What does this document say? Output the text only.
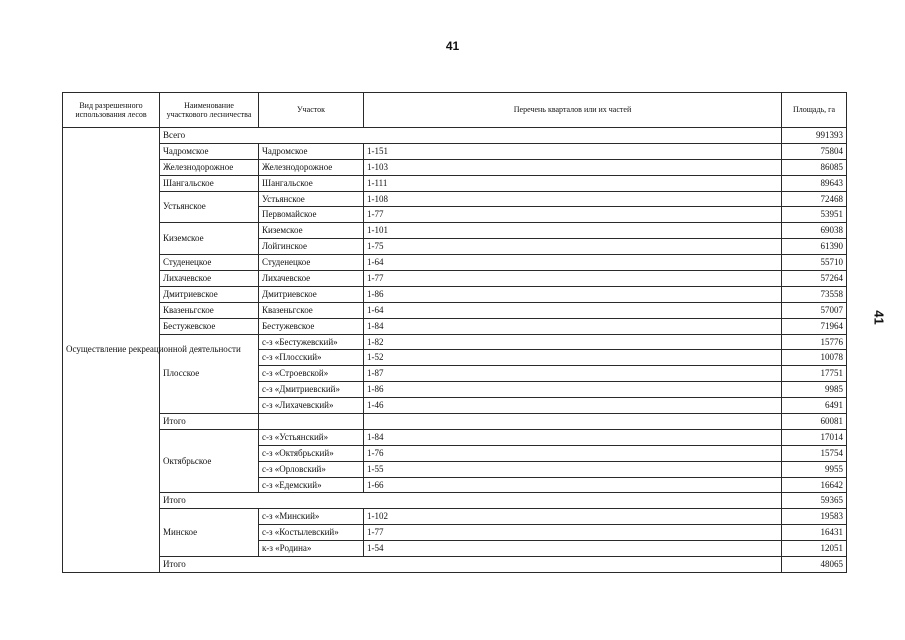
41
41
Вид разрешенного использования лесов	Наименование участкового лесничества	Участок	Перечень кварталов или их частей	Площадь, га
Осуществление рекреационной деятельности	Всего			991393
	Чадромское	Чадромское	1-151	75804
	Железнодорожное	Железнодорожное	1-103	86085
	Шангальское	Шангальское	1-111	89643
	Устьянское	Устьянское	1-108	72468
		Первомайское	1-77	53951
	Киземское	Киземское	1-101	69038
		Лойгинское	1-75	61390
	Студенецкое	Студенецкое	1-64	55710
	Лихачевское	Лихачевское	1-77	57264
	Дмитриевское	Дмитриевское	1-86	73558
	Квазеньгское	Квазеньгское	1-64	57007
	Бестужевское	Бестужевское	1-84	71964
	Плосское	с-з «Бестужевский»	1-82	15776
		с-з «Плосский»	1-52	10078
		с-з «Строевской»	1-87	17751
		с-з «Дмитриевский»	1-86	9985
		с-з «Лихачевский»	1-46	6491
	Итого			60081
	Октябрьское	с-з «Устьянский»	1-84	17014
		с-з «Октябрьский»	1-76	15754
		с-з «Орловский»	1-55	9955
		с-з «Едемский»	1-66	16642
	Итого			59365
	Минское	с-з «Минский»	1-102	19583
		с-з «Костылевский»	1-77	16431
		к-з «Родина»	1-54	12051
	Итого			48065
